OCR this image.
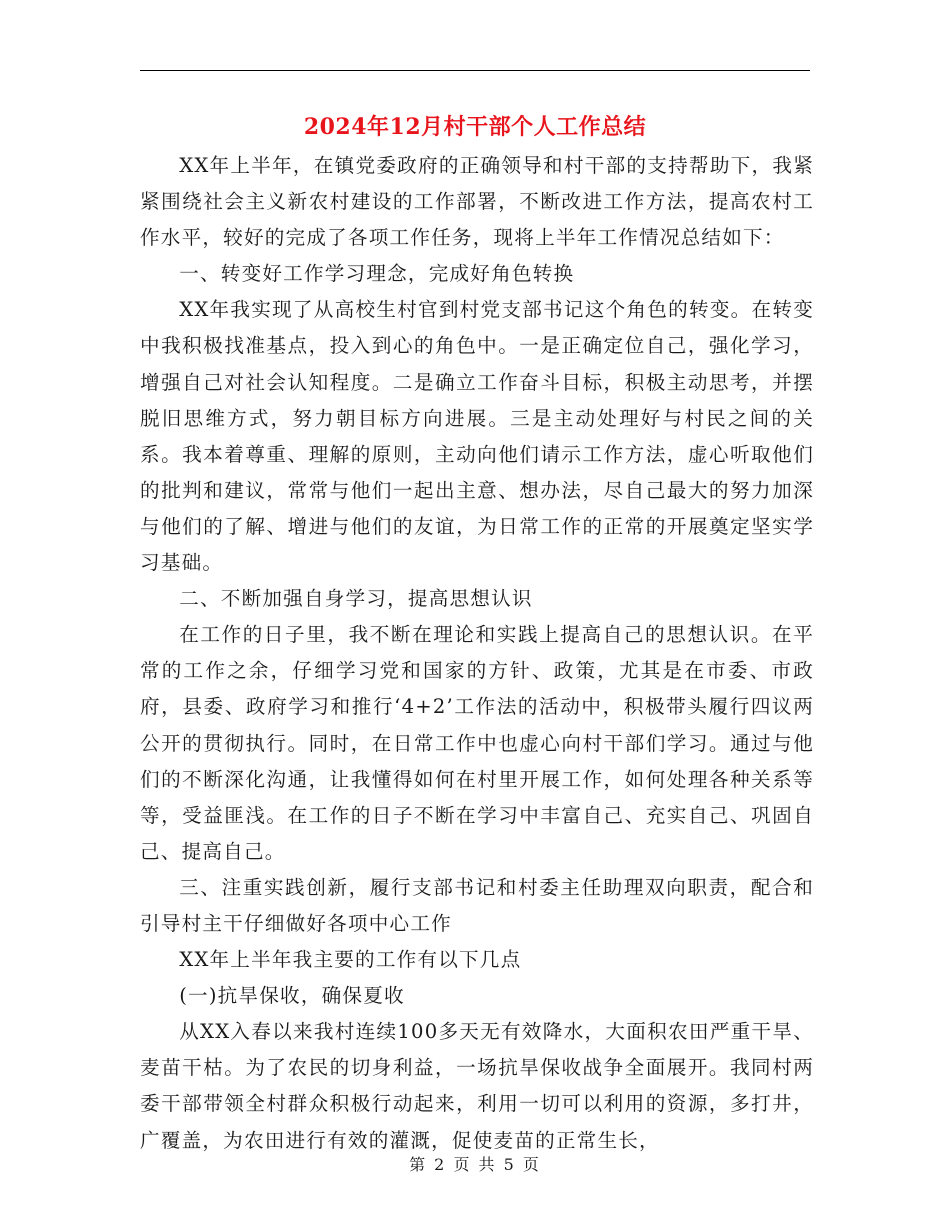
2024年12月村干部个人工作总结

XX年上半年，在镇党委政府的正确领导和村干部的支持帮助下，我紧紧围绕社会主义新农村建设的工作部署，不断改进工作方法，提高农村工作水平，较好的完成了各项工作任务，现将上半年工作情况总结如下：

一、转变好工作学习理念，完成好角色转换

XX年我实现了从高校生村官到村党支部书记这个角色的转变。在转变中我积极找准基点，投入到心的角色中。一是正确定位自己，强化学习，增强自己对社会认知程度。二是确立工作奋斗目标，积极主动思考，并摆脱旧思维方式，努力朝目标方向进展。三是主动处理好与村民之间的关系。我本着尊重、理解的原则，主动向他们请示工作方法，虚心听取他们的批判和建议，常常与他们一起出主意、想办法，尽自己最大的努力加深与他们的了解、增进与他们的友谊，为日常工作的正常的开展奠定坚实学习基础。

二、不断加强自身学习，提高思想认识

在工作的日子里，我不断在理论和实践上提高自己的思想认识。在平常的工作之余，仔细学习党和国家的方针、政策，尤其是在市委、市政府，县委、政府学习和推行‘4+2’工作法的活动中，积极带头履行四议两公开的贯彻执行。同时，在日常工作中也虚心向村干部们学习。通过与他们的不断深化沟通，让我懂得如何在村里开展工作，如何处理各种关系等等，受益匪浅。在工作的日子不断在学习中丰富自己、充实自己、巩固自己、提高自己。

三、注重实践创新，履行支部书记和村委主任助理双向职责，配合和引导村主干仔细做好各项中心工作

XX年上半年我主要的工作有以下几点

(一)抗旱保收，确保夏收

从XX入春以来我村连续100多天无有效降水，大面积农田严重干旱、麦苗干枯。为了农民的切身利益，一场抗旱保收战争全面展开。我同村两委干部带领全村群众积极行动起来，利用一切可以利用的资源，多打井，广覆盖，为农田进行有效的灌溉，促使麦苗的正常生长，

第 2 页 共 5 页
